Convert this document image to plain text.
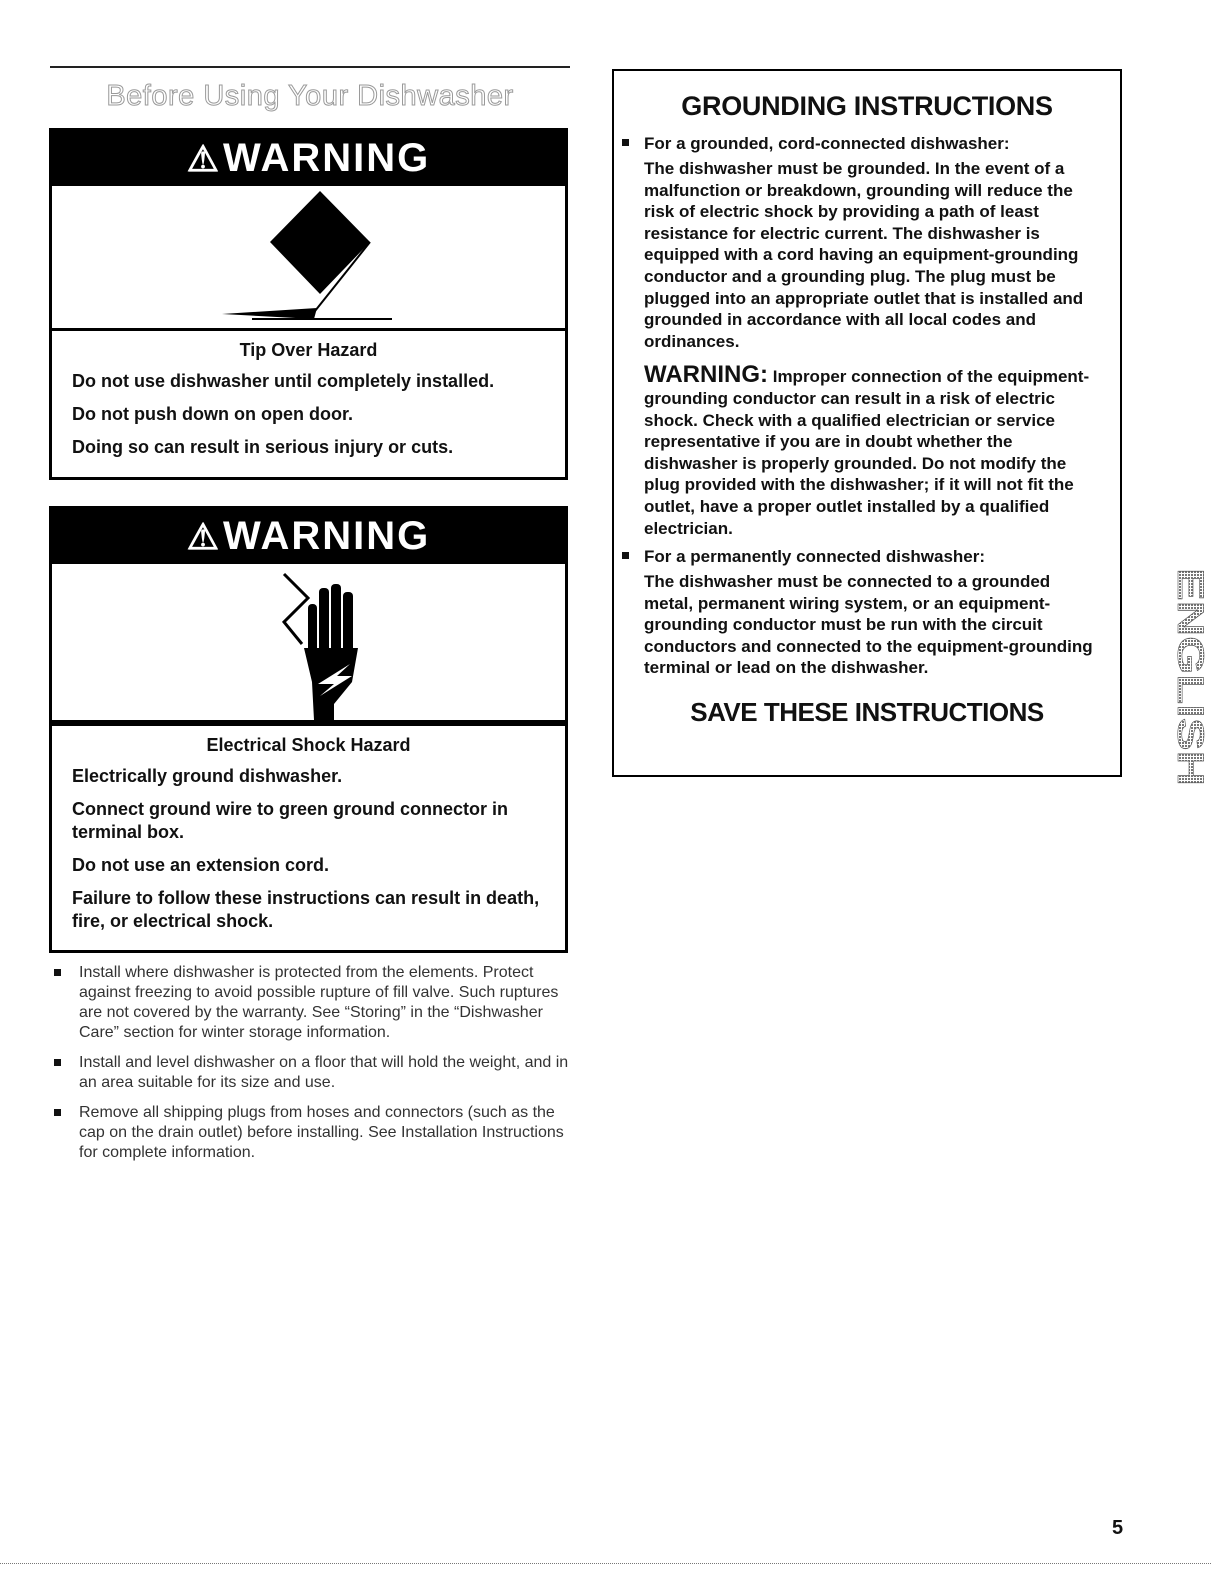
Before Using Your Dishwasher
⚠ WARNING

Tip Over Hazard

Do not use dishwasher until completely installed.

Do not push down on open door.

Doing so can result in serious injury or cuts.

⚠ WARNING

Electrical Shock Hazard

Electrically ground dishwasher.

Connect ground wire to green ground connector in terminal box.

Do not use an extension cord.

Failure to follow these instructions can result in death, fire, or electrical shock.

Install where dishwasher is protected from the elements. Protect against freezing to avoid possible rupture of fill valve. Such ruptures are not covered by the warranty. See “Storing” in the “Dishwasher Care” section for winter storage information.
Install and level dishwasher on a floor that will hold the weight, and in an area suitable for its size and use.
Remove all shipping plugs from hoses and connectors (such as the cap on the drain outlet) before installing. See Installation Instructions for complete information.
GROUNDING INSTRUCTIONS
For a grounded, cord-connected dishwasher:
The dishwasher must be grounded. In the event of a malfunction or breakdown, grounding will reduce the risk of electric shock by providing a path of least resistance for electric current. The dishwasher is equipped with a cord having an equipment-grounding conductor and a grounding plug. The plug must be plugged into an appropriate outlet that is installed and grounded in accordance with all local codes and ordinances.
WARNING: Improper connection of the equipment-grounding conductor can result in a risk of electric shock. Check with a qualified electrician or service representative if you are in doubt whether the dishwasher is properly grounded. Do not modify the plug provided with the dishwasher; if it will not fit the outlet, have a proper outlet installed by a qualified electrician.
For a permanently connected dishwasher:
The dishwasher must be connected to a grounded metal, permanent wiring system, or an equipment-grounding conductor must be run with the circuit conductors and connected to the equipment-grounding terminal or lead on the dishwasher.
SAVE THESE INSTRUCTIONS	ENGLISH
5
